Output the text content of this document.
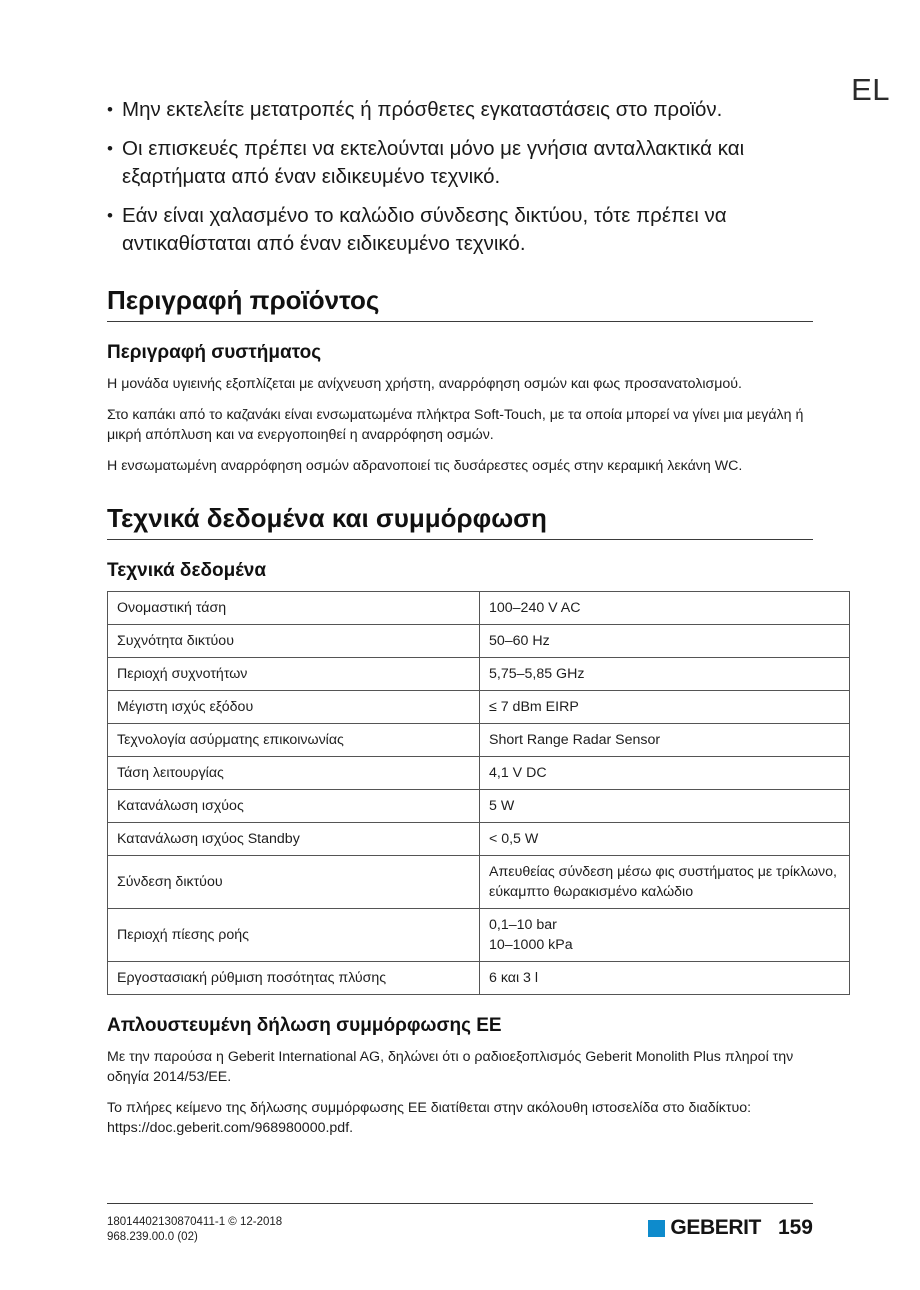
EL
• Μην εκτελείτε μετατροπές ή πρόσθετες εγκαταστάσεις στο προϊόν.
• Οι επισκευές πρέπει να εκτελούνται μόνο με γνήσια ανταλλακτικά και εξαρτήματα από έναν ειδικευμένο τεχνικό.
• Εάν είναι χαλασμένο το καλώδιο σύνδεσης δικτύου, τότε πρέπει να αντικαθίσταται από έναν ειδικευμένο τεχνικό.
Περιγραφή προϊόντος
Περιγραφή συστήματος

Η μονάδα υγιεινής εξοπλίζεται με ανίχνευση χρήστη, αναρρόφηση οσμών και φως προσανατολισμού.

Στο καπάκι από το καζανάκι είναι ενσωματωμένα πλήκτρα Soft-Touch, με τα οποία μπορεί να γίνει μια μεγάλη ή μικρή απόπλυση και να ενεργοποιηθεί η αναρρόφηση οσμών.

Η ενσωματωμένη αναρρόφηση οσμών αδρανοποιεί τις δυσάρεστες οσμές στην κεραμική λεκάνη WC.

Τεχνικά δεδομένα και συμμόρφωση
Τεχνικά δεδομένα
Ονομαστική τάση	100–240 V AC
Συχνότητα δικτύου	50–60 Hz
Περιοχή συχνοτήτων	5,75–5,85 GHz
Μέγιστη ισχύς εξόδου	≤ 7 dBm EIRP
Τεχνολογία ασύρματης επικοινωνίας	Short Range Radar Sensor
Τάση λειτουργίας	4,1 V DC
Κατανάλωση ισχύος	5 W
Κατανάλωση ισχύος Standby	< 0,5 W
Σύνδεση δικτύου	Απευθείας σύνδεση μέσω φις συστήματος με τρίκλωνο, εύκαμπτο θωρακισμένο καλώδιο
Περιοχή πίεσης ροής	0,1–10 bar
10–1000 kPa
Εργοστασιακή ρύθμιση ποσότητας πλύσης	6 και 3 l
Απλουστευμένη δήλωση συμμόρφωσης ΕΕ

Με την παρούσα η Geberit International AG, δηλώνει ότι ο ραδιοεξοπλισμός Geberit Monolith Plus πληροί την οδηγία 2014/53/ΕΕ.

Το πλήρες κείμενο της δήλωσης συμμόρφωσης ΕΕ διατίθεται στην ακόλουθη ιστοσελίδα στο διαδίκτυο: https://doc.geberit.com/968980000.pdf.

18014402130870411-1 © 12-2018
968.239.00.0 (02)	GEBERIT 159
